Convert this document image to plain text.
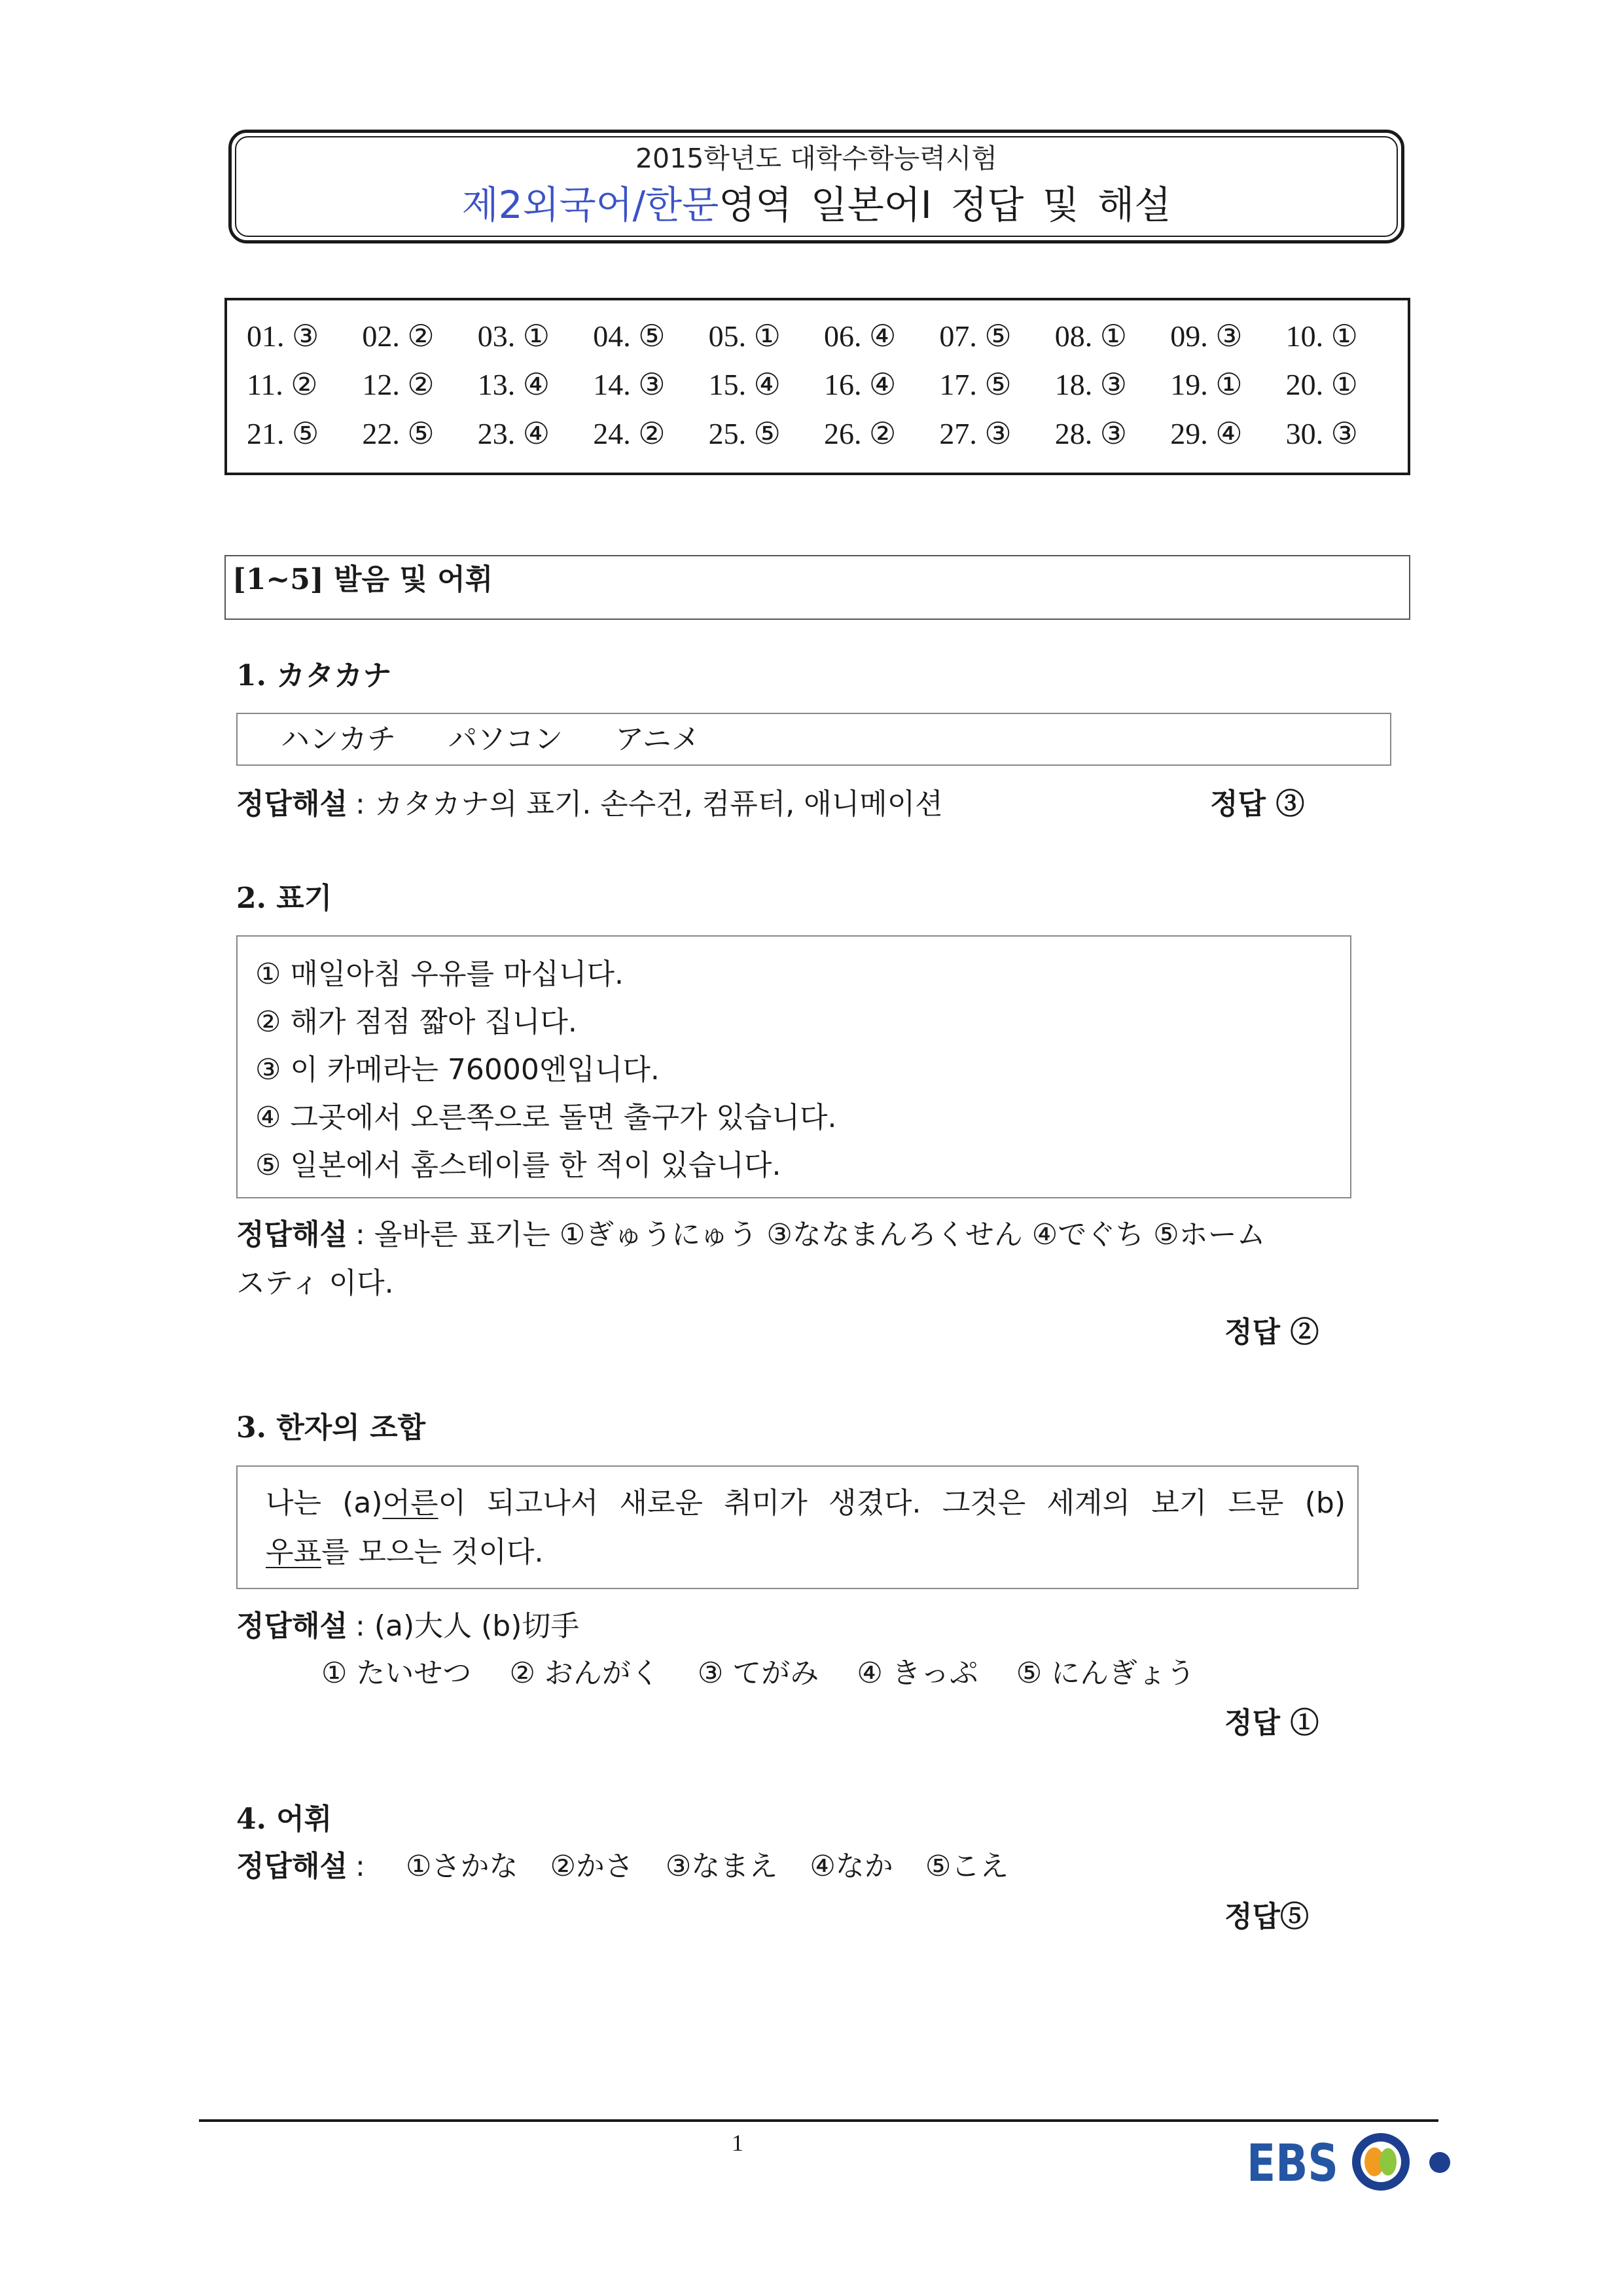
2015학년도 대학수학능력시험
제2외국어/한문영역 일본어Ⅰ 정답 및 해설
01. ③	02. ②	03. ①	04. ⑤	05. ①	06. ④	07. ⑤	08. ①	09. ③	10. ①
11. ②	12. ②	13. ④	14. ③	15. ④	16. ④	17. ⑤	18. ③	19. ①	20. ①
21. ⑤	22. ⑤	23. ④	24. ②	25. ⑤	26. ②	27. ③	28. ③	29. ④	30. ③
[1~5] 발음 및 어휘
1. カタカナ
ハンカチ パソコン アニメ
정답해설 : カタカナ의 표기. 손수건, 컴퓨터, 애니메이션	정답 ③
2. 표기
① 매일아침 우유를 마십니다.
② 해가 점점 짧아 집니다.
③ 이 카메라는 76000엔입니다.
④ 그곳에서 오른쪽으로 돌면 출구가 있습니다.
⑤ 일본에서 홈스테이를 한 적이 있습니다.
정답해설 : 올바른 표기는 ①ぎゅうにゅう ③ななまんろくせん ④でぐち ⑤ホーム
スティ 이다.
정답 ②
3. 한자의 조합
나는 (a)어른이 되고나서 새로운 취미가 생겼다. 그것은 세계의 보기 드문 (b)
우표를 모으는 것이다.
정답해설 : (a)大人 (b)切手
① たいせつ ② おんがく ③ てがみ ④ きっぷ ⑤ にんぎょう
정답 ①
4. 어휘
정답해설 : ①さかな ②かさ ③なまえ ④なか ⑤こえ
정답⑤
1	EBS
